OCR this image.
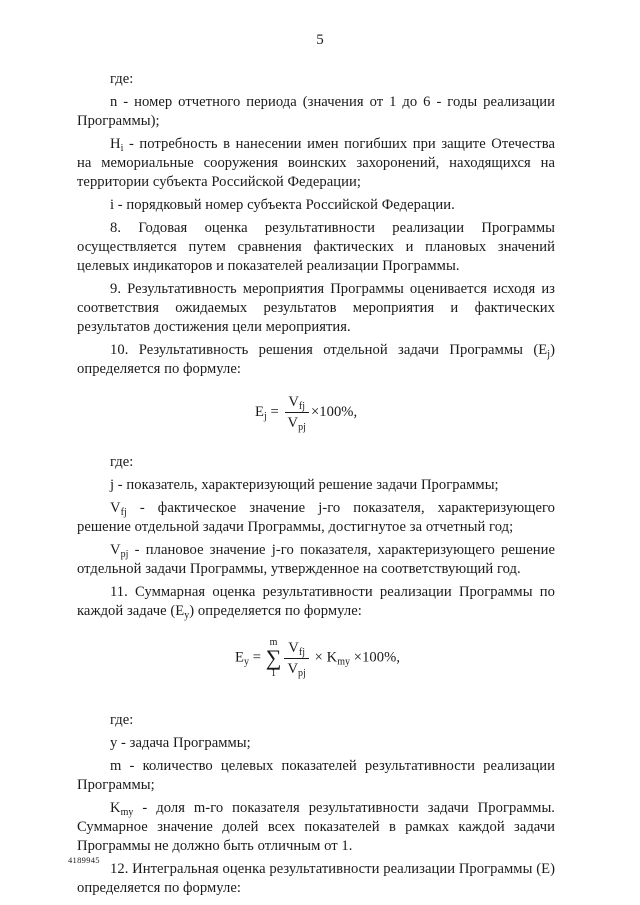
5

где:

n - номер отчетного периода (значения от 1 до 6 - годы реализации Программы);

$H_i$ - потребность в нанесении имен погибших при защите Отечества на мемориальные сооружения воинских захоронений, находящихся на территории субъекта Российской Федерации;

i - порядковый номер субъекта Российской Федерации.

8. Годовая оценка результативности реализации Программы осуществляется путем сравнения фактических и плановых значений целевых индикаторов и показателей реализации Программы.

9. Результативность мероприятия Программы оценивается исходя из соответствия ожидаемых результатов мероприятия и фактических результатов достижения цели мероприятия.

10. Результативность решения отдельной задачи Программы $(E_j)$ определяется по формуле:

$E_j = \frac{V_{fj}}{V_{pj}} \times 100\%$,

где:

j - показатель, характеризующий решение задачи Программы;

$V_{fj}$ - фактическое значение j-го показателя, характеризующего решение отдельной задачи Программы, достигнутое за отчетный год;

$V_{pj}$ - плановое значение j-го показателя, характеризующего решение отдельной задачи Программы, утвержденное на соответствующий год.

11. Суммарная оценка результативности реализации Программы по каждой задаче $(E_y)$ определяется по формуле:

$E_y$ =
m
∑
$1 \frac{V_{fj}}{V_{pj}} \times K_{my} \times 100\%$,

где:

y - задача Программы;

m - количество целевых показателей результативности реализации Программы;

$K_{my}$ - доля m-го показателя результативности задачи Программы. Суммарное значение долей всех показателей в рамках каждой задачи Программы не должно быть отличным от 1.

12. Интегральная оценка результативности реализации Программы (E) определяется по формуле:

4189945
